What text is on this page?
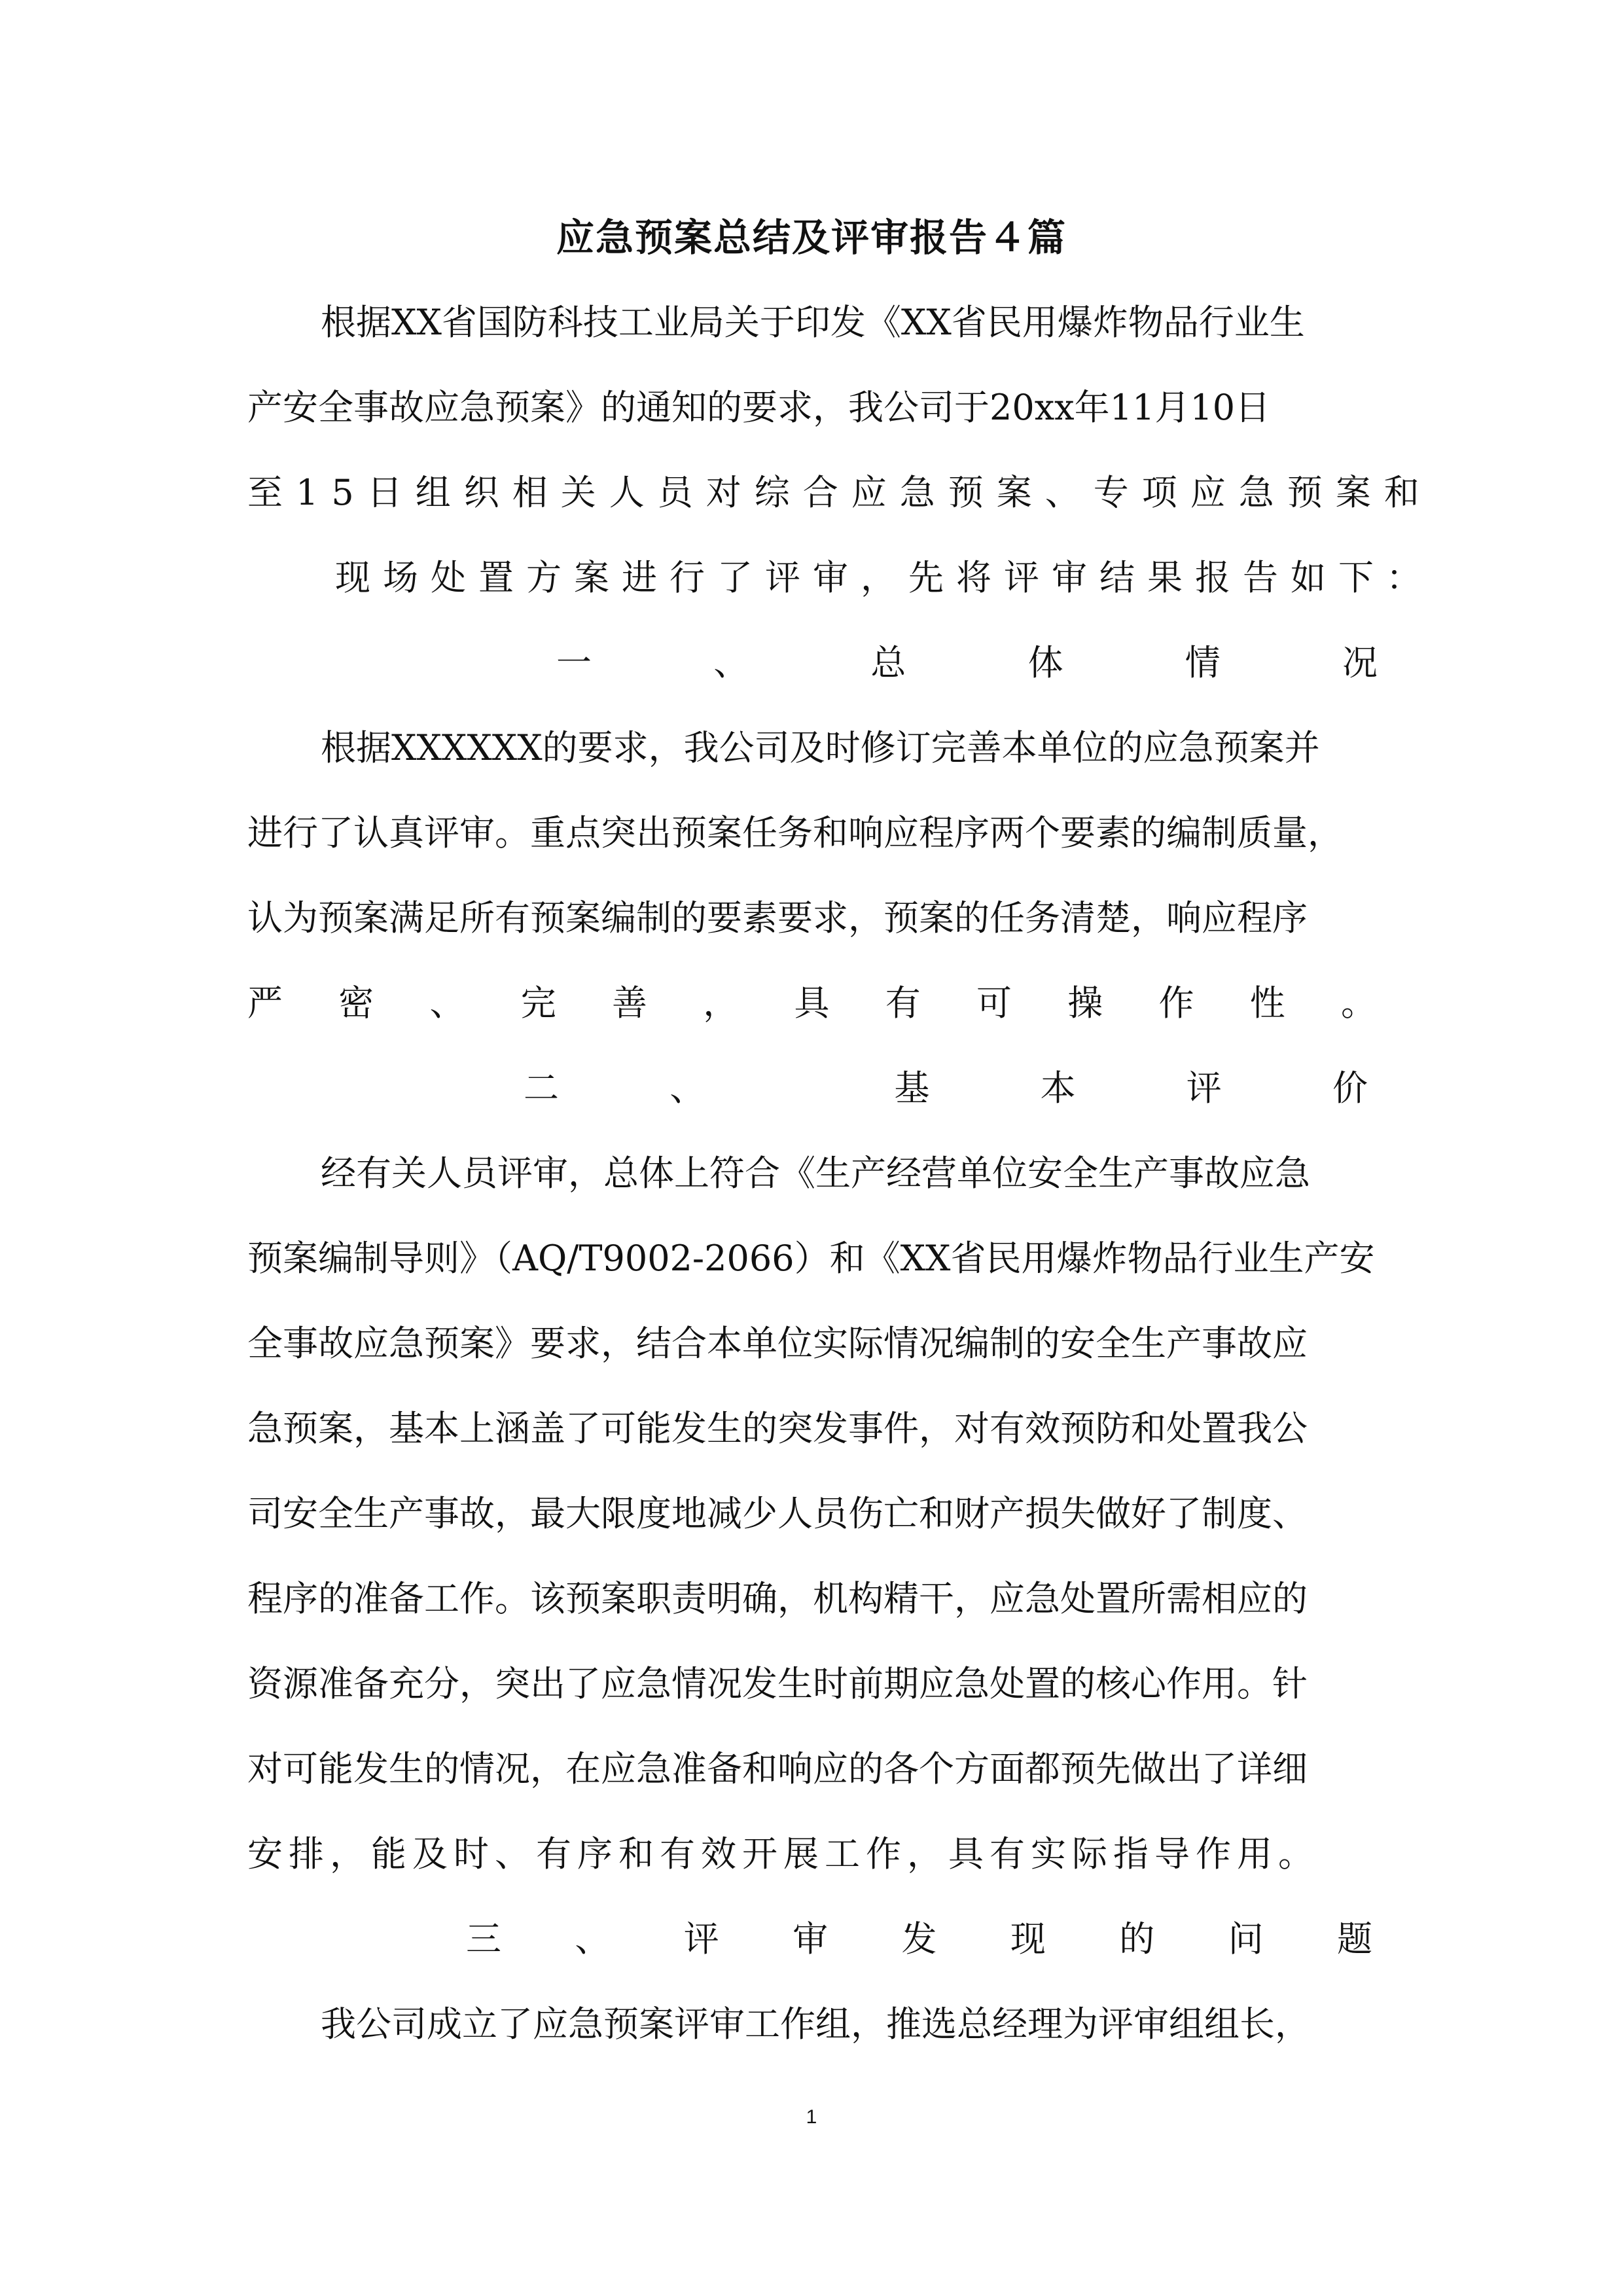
应急预案总结及评审报告４篇
根据XX省国防科技工业局关于印发《XX省民用爆炸物品行业生
产安全事故应急预案》的通知的要求，我公司于20xx年11月10日
至15日组织相关人员对综合应急预案、专项应急预案和
现场处置方案进行了评审，先将评审结果报告如下：
一	、	总	体	情	况
根据XXXXXX的要求，我公司及时修订完善本单位的应急预案并
进行了认真评审。重点突出预案任务和响应程序两个要素的编制质量，
认为预案满足所有预案编制的要素要求，预案的任务清楚，响应程序
严 密 、 完 善 ， 具 有 可 操 作 性 。
二	、	基	本	评	价
经有关人员评审，总体上符合《生产经营单位安全生产事故应急
预案编制导则》（AQ/T9002-2066）和《XX省民用爆炸物品行业生产安
全事故应急预案》要求，结合本单位实际情况编制的安全生产事故应
急预案，基本上涵盖了可能发生的突发事件，对有效预防和处置我公
司安全生产事故，最大限度地减少人员伤亡和财产损失做好了制度、
程序的准备工作。该预案职责明确，机构精干，应急处置所需相应的
资源准备充分，突出了应急情况发生时前期应急处置的核心作用。针
对可能发生的情况，在应急准备和响应的各个方面都预先做出了详细
安排，能及时、有序和有效开展工作，具有实际指导作用。
三 、 评 审 发 现 的 问 题
我公司成立了应急预案评审工作组，推选总经理为评审组组长，
1
